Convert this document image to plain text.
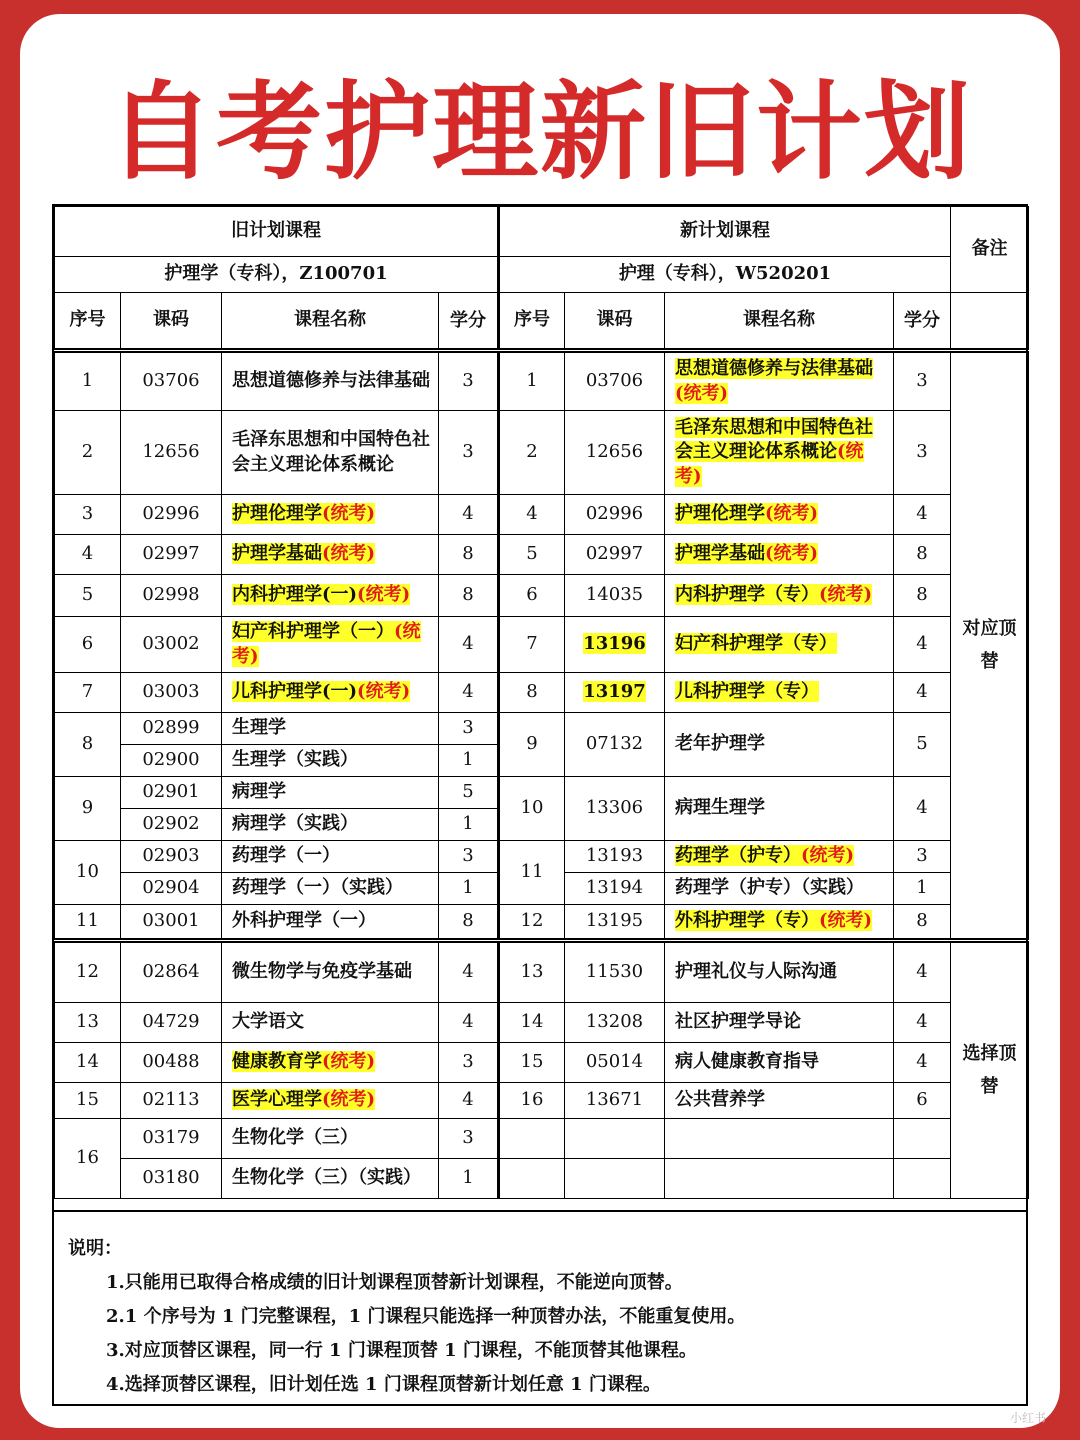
自考护理新旧计划
旧计划课程				新计划课程				备注
护理学（专科），Z100701				护理（专科），W520201				
序号	课码	课程名称	学分	序号	课码	课程名称	学分	
1	03706	思想道德修养与法律基础	3	1	03706	思想道德修养与法律基础(统考)	3	对应顶替
2	12656	毛泽东思想和中国特色社会主义理论体系概论	3	2	12656	毛泽东思想和中国特色社会主义理论体系概论(统考)	3	
3	02996	护理伦理学(统考)	4	4	02996	护理伦理学(统考)	4	
4	02997	护理学基础(统考)	8	5	02997	护理学基础(统考)	8	
5	02998	内科护理学(一)(统考)	8	6	14035	内科护理学（专）(统考)	8	
6	03002	妇产科护理学（一）(统考)	4	7	13196	妇产科护理学（专）	4	
7	03003	儿科护理学(一)(统考)	4	8	13197	儿科护理学（专）	4	
8	02899	生理学	3	9	07132	老年护理学	5	
	02900	生理学（实践）	1					
9	02901	病理学	5	10	13306	病理生理学	4	
	02902	病理学（实践）	1					
10	02903	药理学（一）	3	11	13193	药理学（护专）(统考)	3	
	02904	药理学（一）（实践）	1		13194	药理学（护专）（实践）	1	
11	03001	外科护理学（一）	8	12	13195	外科护理学（专）(统考)	8	
12	02864	微生物学与免疫学基础	4	13	11530	护理礼仪与人际沟通	4	选择顶替
13	04729	大学语文	4	14	13208	社区护理学导论	4	
14	00488	健康教育学(统考)	3	15	05014	病人健康教育指导	4	
15	02113	医学心理学(统考)	4	16	13671	公共营养学	6	
16	03179	生物化学（三）	3					
	03180	生物化学（三）（实践）	1					
说明：
1.只能用已取得合格成绩的旧计划课程顶替新计划课程，不能逆向顶替。
2.1 个序号为 1 门完整课程，1 门课程只能选择一种顶替办法，不能重复使用。
3.对应顶替区课程，同一行 1 门课程顶替 1 门课程，不能顶替其他课程。
4.选择顶替区课程，旧计划任选 1 门课程顶替新计划任意 1 门课程。
小红书
